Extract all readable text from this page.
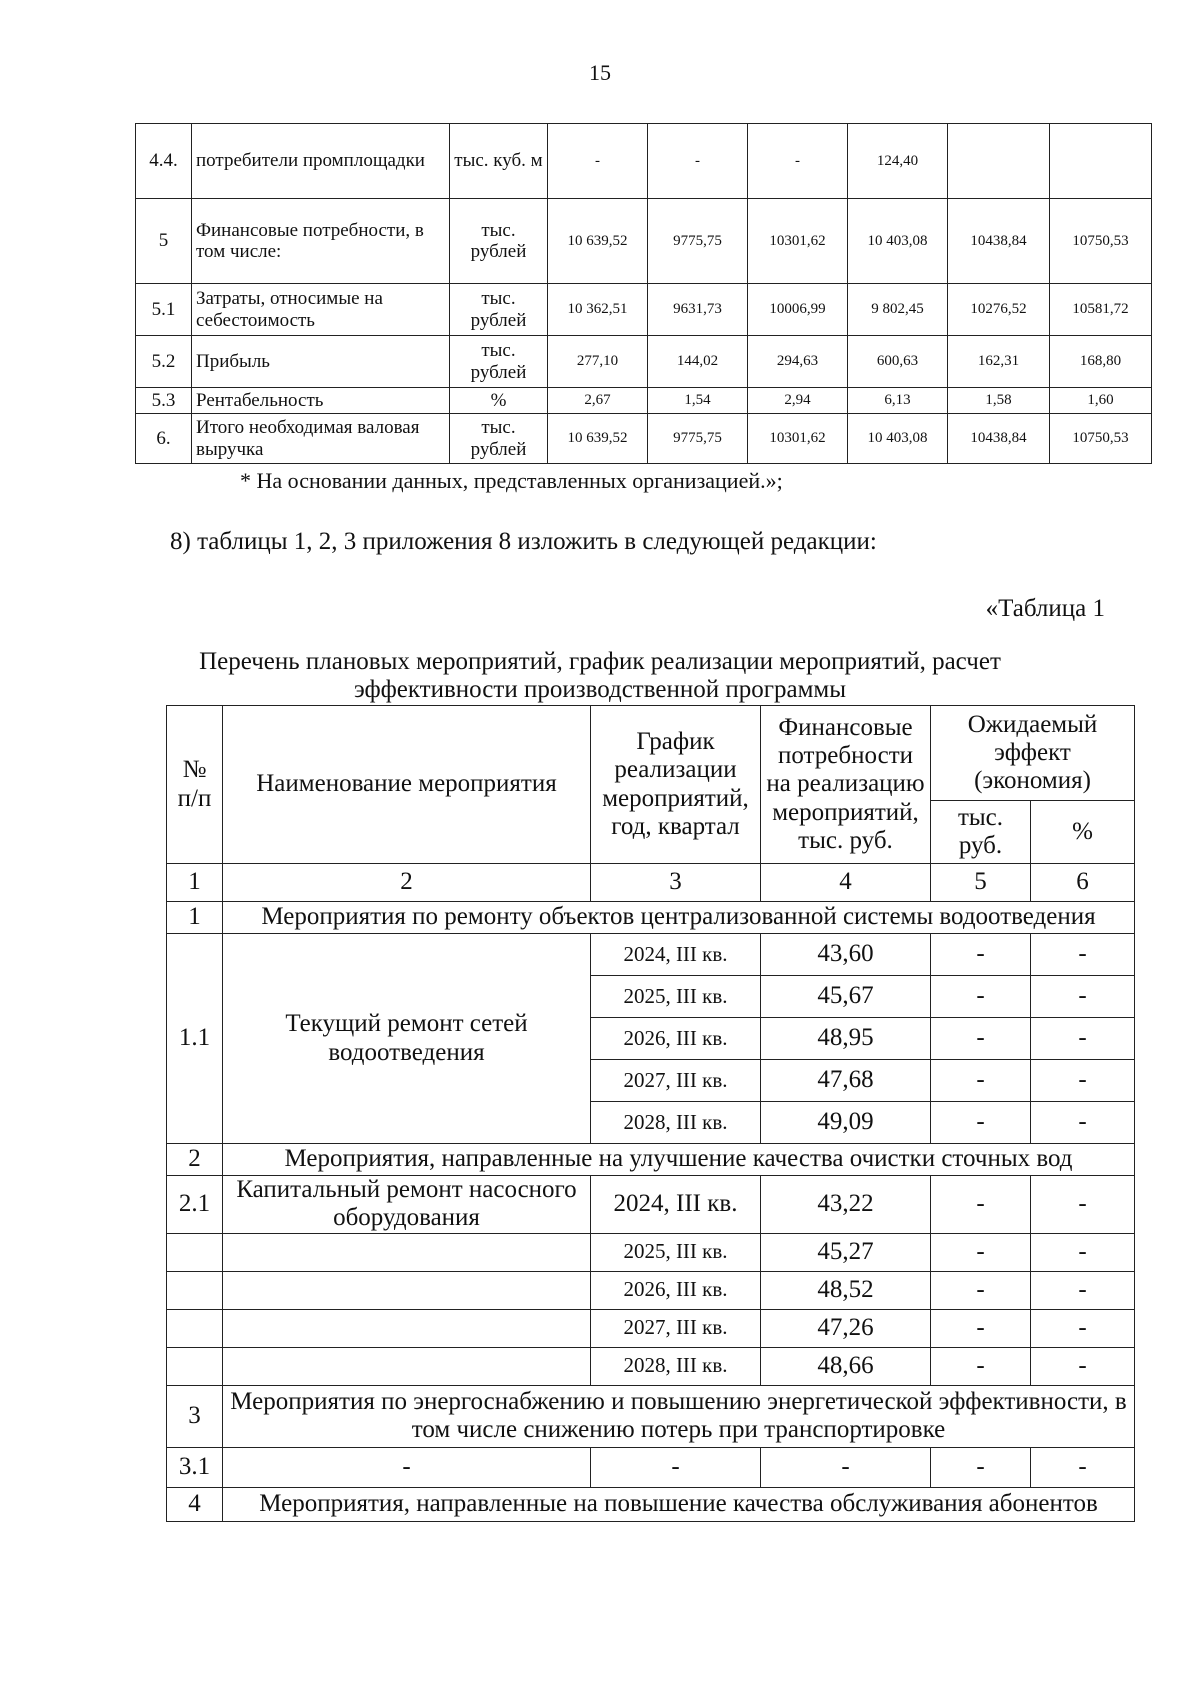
15
4.4.	потребители промплощадки	тыс. куб. м	-	-	-	124,40		
5	Финансовые потребности, в том числе:	тыс. рублей	10 639,52	9775,75	10301,62	10 403,08	10438,84	10750,53
5.1	Затраты, относимые на себестоимость	тыс. рублей	10 362,51	9631,73	10006,99	9 802,45	10276,52	10581,72
5.2	Прибыль	тыс. рублей	277,10	144,02	294,63	600,63	162,31	168,80
5.3	Рентабельность	%	2,67	1,54	2,94	6,13	1,58	1,60
6.	Итого необходимая валовая выручка	тыс. рублей	10 639,52	9775,75	10301,62	10 403,08	10438,84	10750,53
* На основании данных, представленных организацией.»;
8) таблицы 1, 2, 3 приложения 8 изложить в следующей редакции:
«Таблица 1
Перечень плановых мероприятий, график реализации мероприятий, расчет эффективности производственной программы
№ п/п	Наименование мероприятия	График реализации мероприятий, год, квартал	Финансовые потребности на реализацию мероприятий, тыс. руб.	Ожидаемый эффект (экономия)	
				тыс. руб.	%
1	2	3	4	5	6
1	Мероприятия по ремонту объектов централизованной системы водоотведения				
1.1	Текущий ремонт сетей водоотведения	2024, III кв.	43,60	-	-
		2025, III кв.	45,67	-	-
		2026, III кв.	48,95	-	-
		2027, III кв.	47,68	-	-
		2028, III кв.	49,09	-	-
2	Мероприятия, направленные на улучшение качества очистки сточных вод				
2.1	Капитальный ремонт насосного оборудования	2024, III кв.	43,22	-	-
		2025, III кв.	45,27	-	-
		2026, III кв.	48,52	-	-
		2027, III кв.	47,26	-	-
		2028, III кв.	48,66	-	-
3	Мероприятия по энергоснабжению и повышению энергетической эффективности, в том числе снижению потерь при транспортировке				
3.1	-	-	-	-	-
4	Мероприятия, направленные на повышение качества обслуживания абонентов				
